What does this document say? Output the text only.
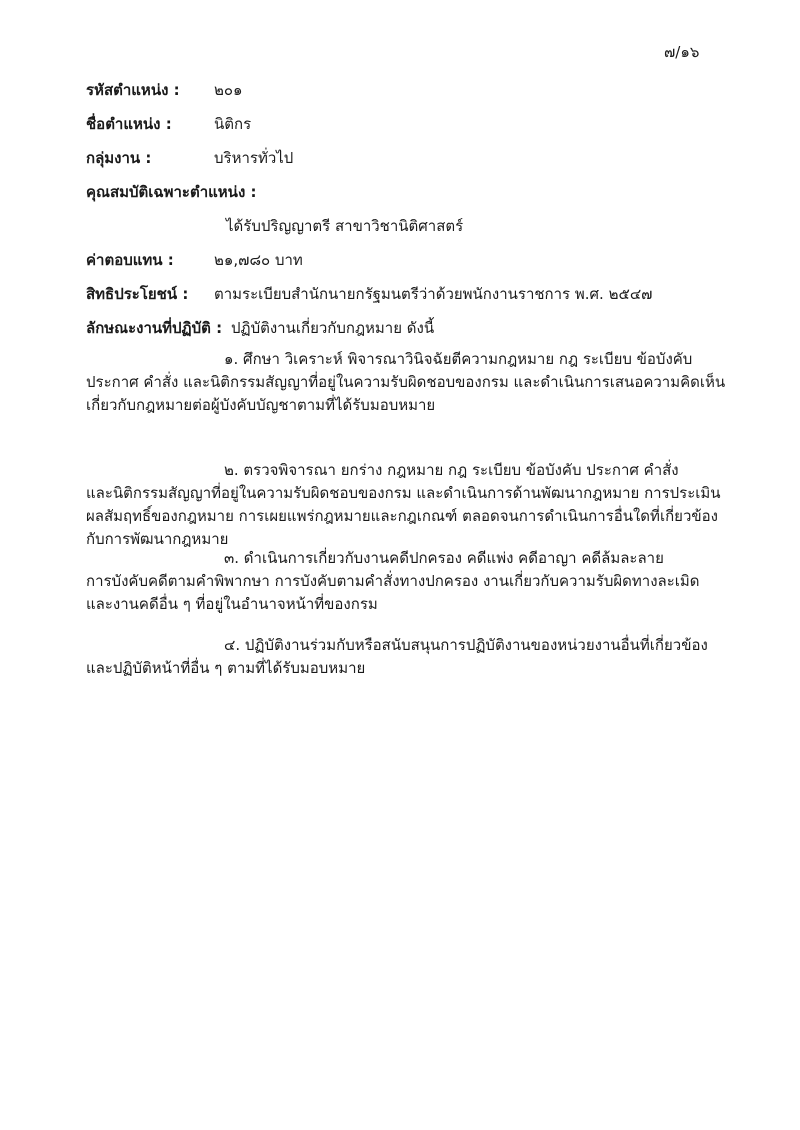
๗/๑๖
รหัสตำแหน่ง : ๒๐๑
ชื่อตำแหน่ง :	นิติกร
กลุ่มงาน :	บริหารทั่วไป
คุณสมบัติเฉพาะตำแหน่ง :
ได้รับปริญญาตรี สาขาวิชานิติศาสตร์
ค่าตอบแทน :	๒๑,๗๘๐ บาท
สิทธิประโยชน์ : ตามระเบียบสำนักนายกรัฐมนตรีว่าด้วยพนักงานราชการ พ.ศ. ๒๕๔๗
ลักษณะงานที่ปฏิบัติ : ปฏิบัติงานเกี่ยวกับกฎหมาย ดังนี้
๑. ศึกษา วิเคราะห์ พิจารณาวินิจฉัยตีความกฎหมาย กฎ ระเบียบ ข้อบังคับ
ประกาศ คำสั่ง และนิติกรรมสัญญาที่อยู่ในความรับผิดชอบของกรม และดำเนินการเสนอความคิดเห็น
เกี่ยวกับกฎหมายต่อผู้บังคับบัญชาตามที่ได้รับมอบหมาย
๒. ตรวจพิจารณา ยกร่าง กฎหมาย กฎ ระเบียบ ข้อบังคับ ประกาศ คำสั่ง
และนิติกรรมสัญญาที่อยู่ในความรับผิดชอบของกรม และดำเนินการด้านพัฒนากฎหมาย การประเมิน
ผลสัมฤทธิ์ของกฎหมาย การเผยแพร่กฎหมายและกฎเกณฑ์ ตลอดจนการดำเนินการอื่นใดที่เกี่ยวข้อง
กับการพัฒนากฎหมาย
๓. ดำเนินการเกี่ยวกับงานคดีปกครอง คดีแพ่ง คดีอาญา คดีล้มละลาย
การบังคับคดีตามคำพิพากษา การบังคับตามคำสั่งทางปกครอง งานเกี่ยวกับความรับผิดทางละเมิด
และงานคดีอื่น ๆ ที่อยู่ในอำนาจหน้าที่ของกรม
๔. ปฏิบัติงานร่วมกับหรือสนับสนุนการปฏิบัติงานของหน่วยงานอื่นที่เกี่ยวข้อง
และปฏิบัติหน้าที่อื่น ๆ ตามที่ได้รับมอบหมาย
